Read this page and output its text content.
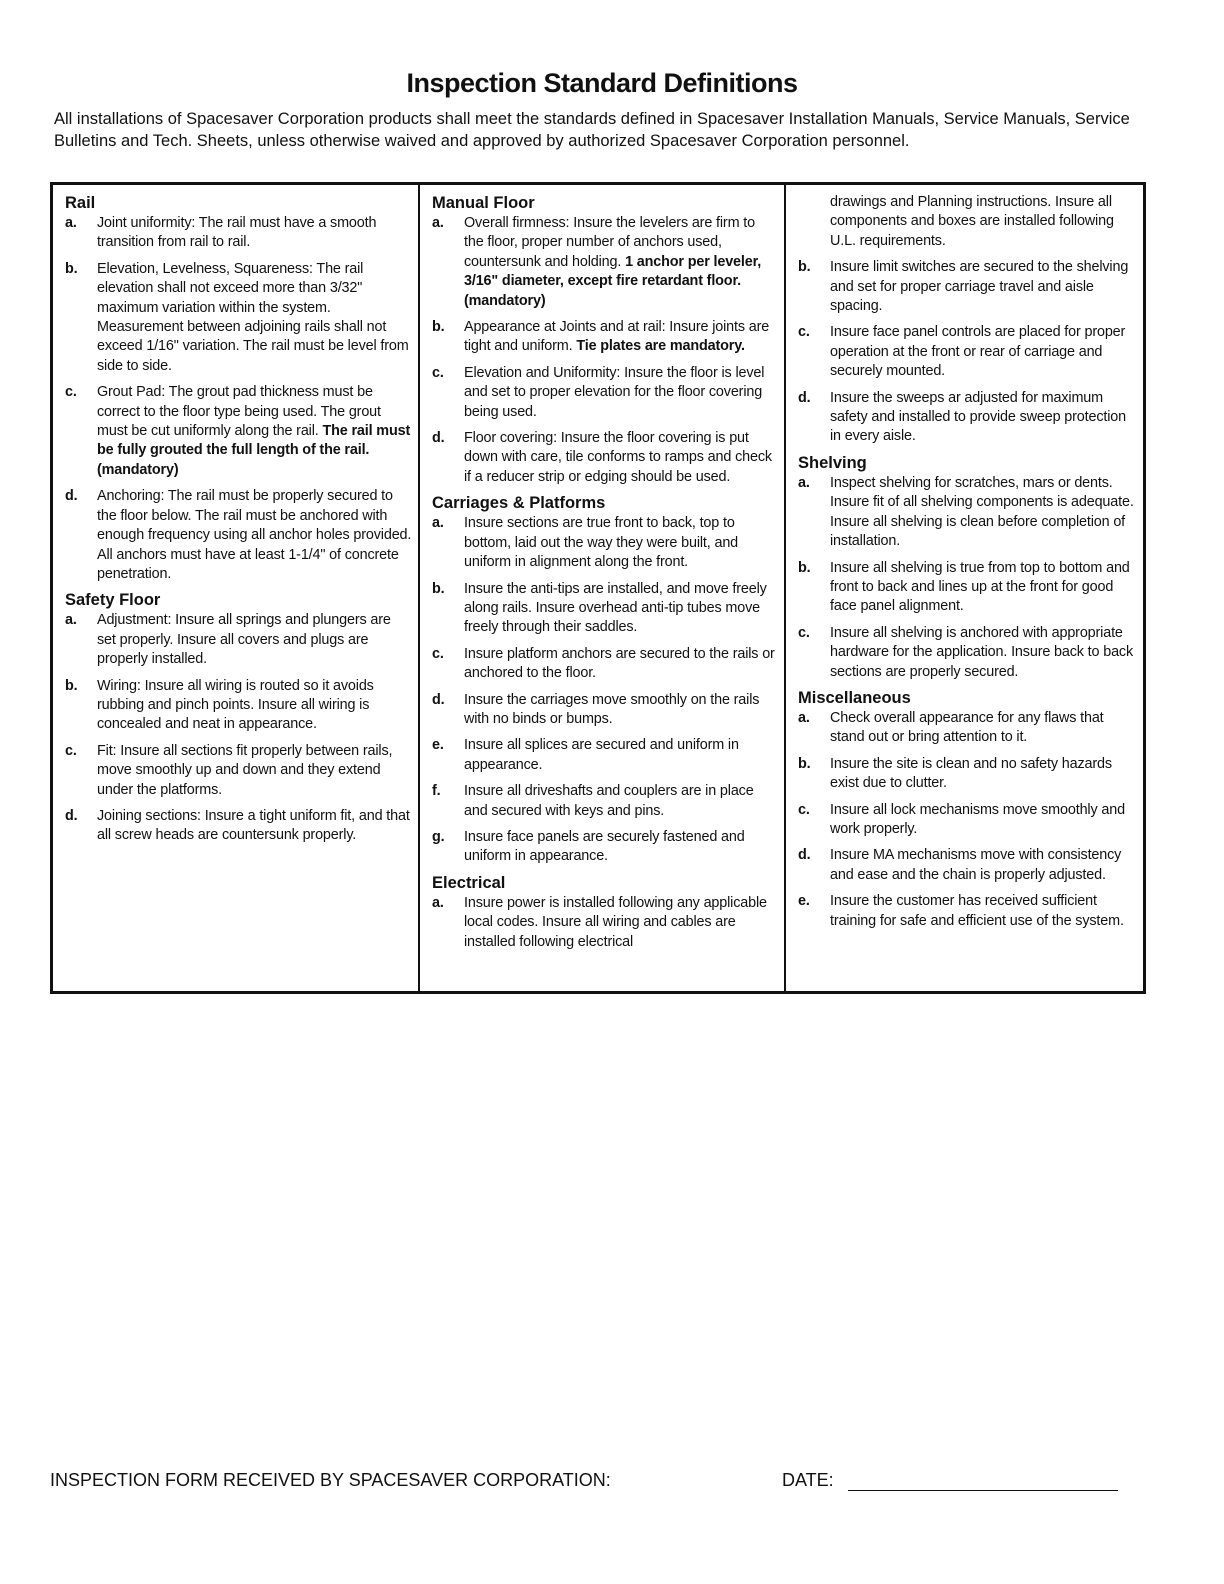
Inspection Standard Definitions
All installations of Spacesaver Corporation products shall meet the standards defined in Spacesaver Installation Manuals, Service Manuals, Service Bulletins and Tech. Sheets, unless otherwise waived and approved by authorized Spacesaver Corporation personnel.
Rail
a.	Joint uniformity: The rail must have a smooth transition from rail to rail.
b.	Elevation, Levelness, Squareness: The rail elevation shall not exceed more than 3/32" maximum variation within the system. Measurement between adjoining rails shall not exceed 1/16" variation. The rail must be level from side to side.
c.	Grout Pad: The grout pad thickness must be correct to the floor type being used. The grout must be cut uniformly along the rail. The rail must be fully grouted the full length of the rail. (mandatory)
d.	Anchoring: The rail must be properly secured to the floor below. The rail must be anchored with enough frequency using all anchor holes provided. All anchors must have at least 1-1/4" of concrete penetration.
Safety Floor
a.	Adjustment: Insure all springs and plungers are set properly. Insure all covers and plugs are properly installed.
b.	Wiring: Insure all wiring is routed so it avoids rubbing and pinch points. Insure all wiring is concealed and neat in appearance.
c.	Fit: Insure all sections fit properly between rails, move smoothly up and down and they extend under the platforms.
d.	Joining sections: Insure a tight uniform fit, and that all screw heads are countersunk properly.
Manual Floor
a.	Overall firmness: Insure the levelers are firm to the floor, proper number of anchors used, countersunk and holding. 1 anchor per leveler, 3/16" diameter, except fire retardant floor. (mandatory)
b.	Appearance at Joints and at rail: Insure joints are tight and uniform. Tie plates are mandatory.
c.	Elevation and Uniformity: Insure the floor is level and set to proper elevation for the floor covering being used.
d.	Floor covering: Insure the floor covering is put down with care, tile conforms to ramps and check if a reducer strip or edging should be used.
Carriages & Platforms
a.	Insure sections are true front to back, top to bottom, laid out the way they were built, and uniform in alignment along the front.
b.	Insure the anti-tips are installed, and move freely along rails. Insure overhead anti-tip tubes move freely through their saddles.
c.	Insure platform anchors are secured to the rails or anchored to the floor.
d.	Insure the carriages move smoothly on the rails with no binds or bumps.
e.	Insure all splices are secured and uniform in appearance.
f.	Insure all driveshafts and couplers are in place and secured with keys and pins.
g.	Insure face panels are securely fastened and uniform in appearance.
Electrical
a.	Insure power is installed following any applicable local codes. Insure all wiring and cables are installed following electrical
drawings and Planning instructions. Insure all components and boxes are installed following U.L. requirements.
b.	Insure limit switches are secured to the shelving and set for proper carriage travel and aisle spacing.
c.	Insure face panel controls are placed for proper operation at the front or rear of carriage and securely mounted.
d.	Insure the sweeps ar adjusted for maximum safety and installed to provide sweep protection in every aisle.
Shelving
a.	Inspect shelving for scratches, mars or dents. Insure fit of all shelving components is adequate. Insure all shelving is clean before completion of installation.
b.	Insure all shelving is true from top to bottom and front to back and lines up at the front for good face panel alignment.
c.	Insure all shelving is anchored with appropriate hardware for the application. Insure back to back sections are properly secured.
Miscellaneous
a.	Check overall appearance for any flaws that stand out or bring attention to it.
b.	Insure the site is clean and no safety hazards exist due to clutter.
c.	Insure all lock mechanisms move smoothly and work properly.
d.	Insure MA mechanisms move with consistency and ease and the chain is properly adjusted.
e.	Insure the customer has received sufficient training for safe and efficient use of the system.
INSPECTION FORM RECEIVED BY SPACESAVER CORPORATION:	DATE:
